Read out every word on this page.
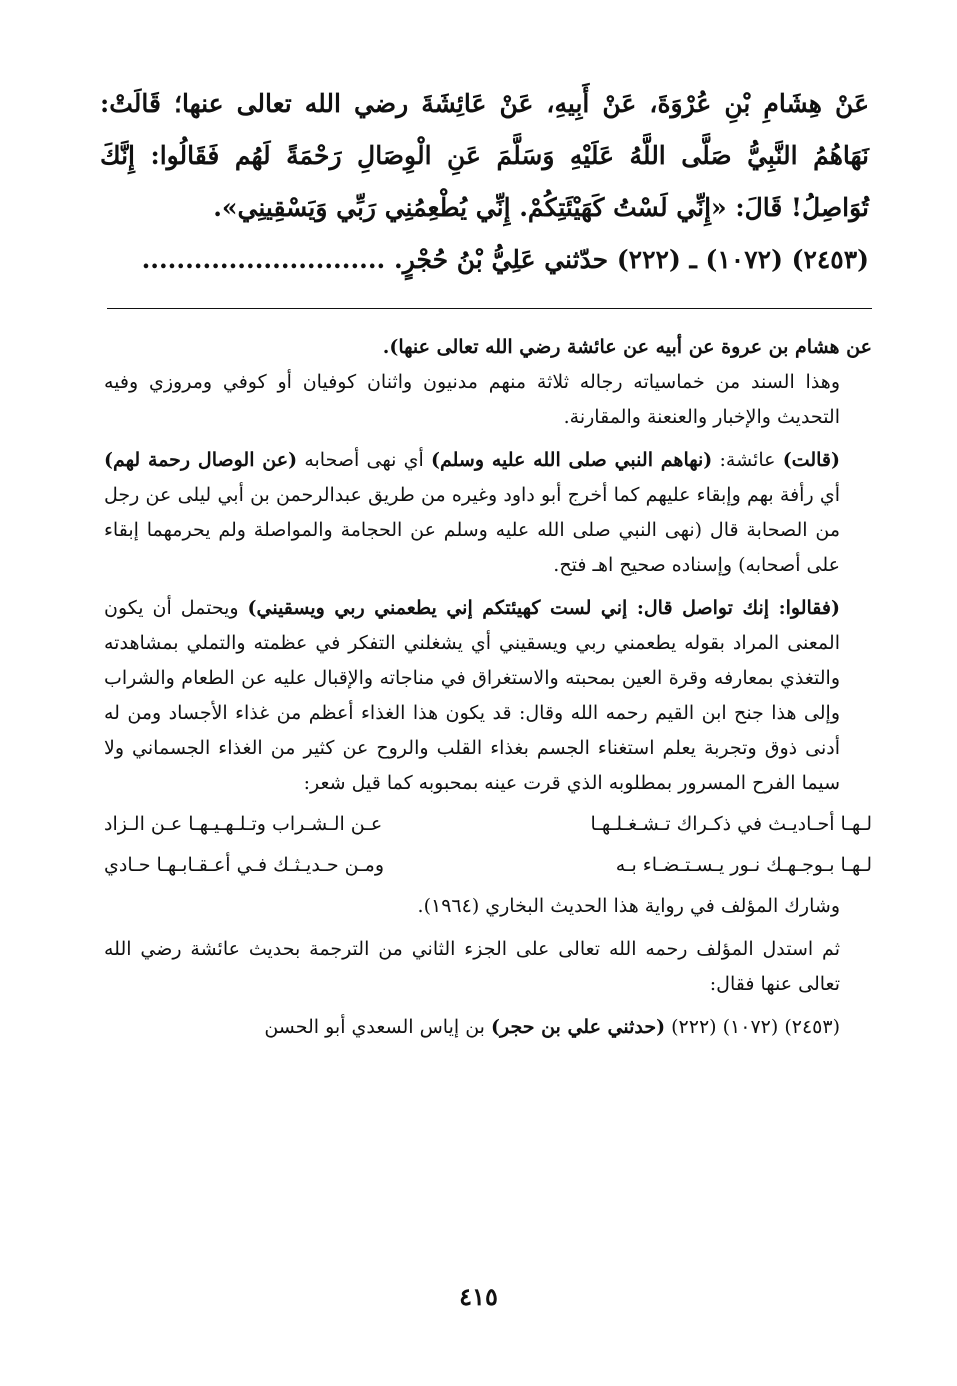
عَنْ هِشَامِ بْنِ عُرْوَةَ، عَنْ أَبِيهِ، عَنْ عَائِشَةَ رضي الله تعالى عنها؛ قَالَتْ: نَهَاهُمُ النَّبِيُّ صَلَّى اللَّهُ عَلَيْهِ وَسَلَّمَ عَنِ الْوِصَالِ رَحْمَةً لَهُم فَقَالُوا: إِنَّكَ تُوَاصِلُ! قَالَ: «إِنِّي لَسْتُ كَهَيْئَتِكُمْ. إِنِّي يُطْعِمُنِي رَبِّي وَيَسْقِينِي».

(٢٤٥٣) (١٠٧٢) ـ (٢٢٢) حدّثني عَلِيُّ بْنُ حُجْرٍ. ............................

عن هشام بن عروة عن أبيه عن عائشة رضي الله تعالى عنها).

وهذا السند من خماسياته رجاله ثلاثة منهم مدنيون واثنان كوفيان أو كوفي ومروزي وفيه التحديث والإخبار والعنعنة والمقارنة.

(قالت) عائشة: (نهاهم النبي صلى الله عليه وسلم) أي نهى أصحابه (عن الوصال رحمة لهم) أي رأفة بهم وإبقاء عليهم كما أخرج أبو داود وغيره من طريق عبدالرحمن بن أبي ليلى عن رجل من الصحابة قال (نهى النبي صلى الله عليه وسلم عن الحجامة والمواصلة ولم يحرمهما إبقاء على أصحابه) وإسناده صحيح اهـ فتح.

(فقالوا: إنك تواصل قال: إني لست كهيئتكم إني يطعمني ربي ويسقيني) ويحتمل أن يكون المعنى المراد بقوله يطعمني ربي ويسقيني أي يشغلني التفكر في عظمته والتملي بمشاهدته والتغذي بمعارفه وقرة العين بمحبته والاستغراق في مناجاته والإقبال عليه عن الطعام والشراب وإلى هذا جنح ابن القيم رحمه الله وقال: قد يكون هذا الغذاء أعظم من غذاء الأجساد ومن له أدنى ذوق وتجربة يعلم استغناء الجسم بغذاء القلب والروح عن كثير من الغذاء الجسماني ولا سيما الفرح المسرور بمطلوبه الذي قرت عينه بمحبوبه كما قيل شعر:

لـهـا أحـاديـث في ذكـراك تـشـغـلـهـا
عـن الـشـراب وتـلـهـيـهـا عـن الـزاد
لـهـا بـوجـهـك نـور يـسـتـضـاء بـه
ومـن حـديـثـك فـي أعـقـابـهـا حـادي

وشارك المؤلف في رواية هذا الحديث البخاري (١٩٦٤).

ثم استدل المؤلف رحمه الله تعالى على الجزء الثاني من الترجمة بحديث عائشة رضي الله تعالى عنها فقال:

(٢٤٥٣) (١٠٧٢) (٢٢٢) (حدثني علي بن حجر) بن إياس السعدي أبو الحسن

٤١٥
